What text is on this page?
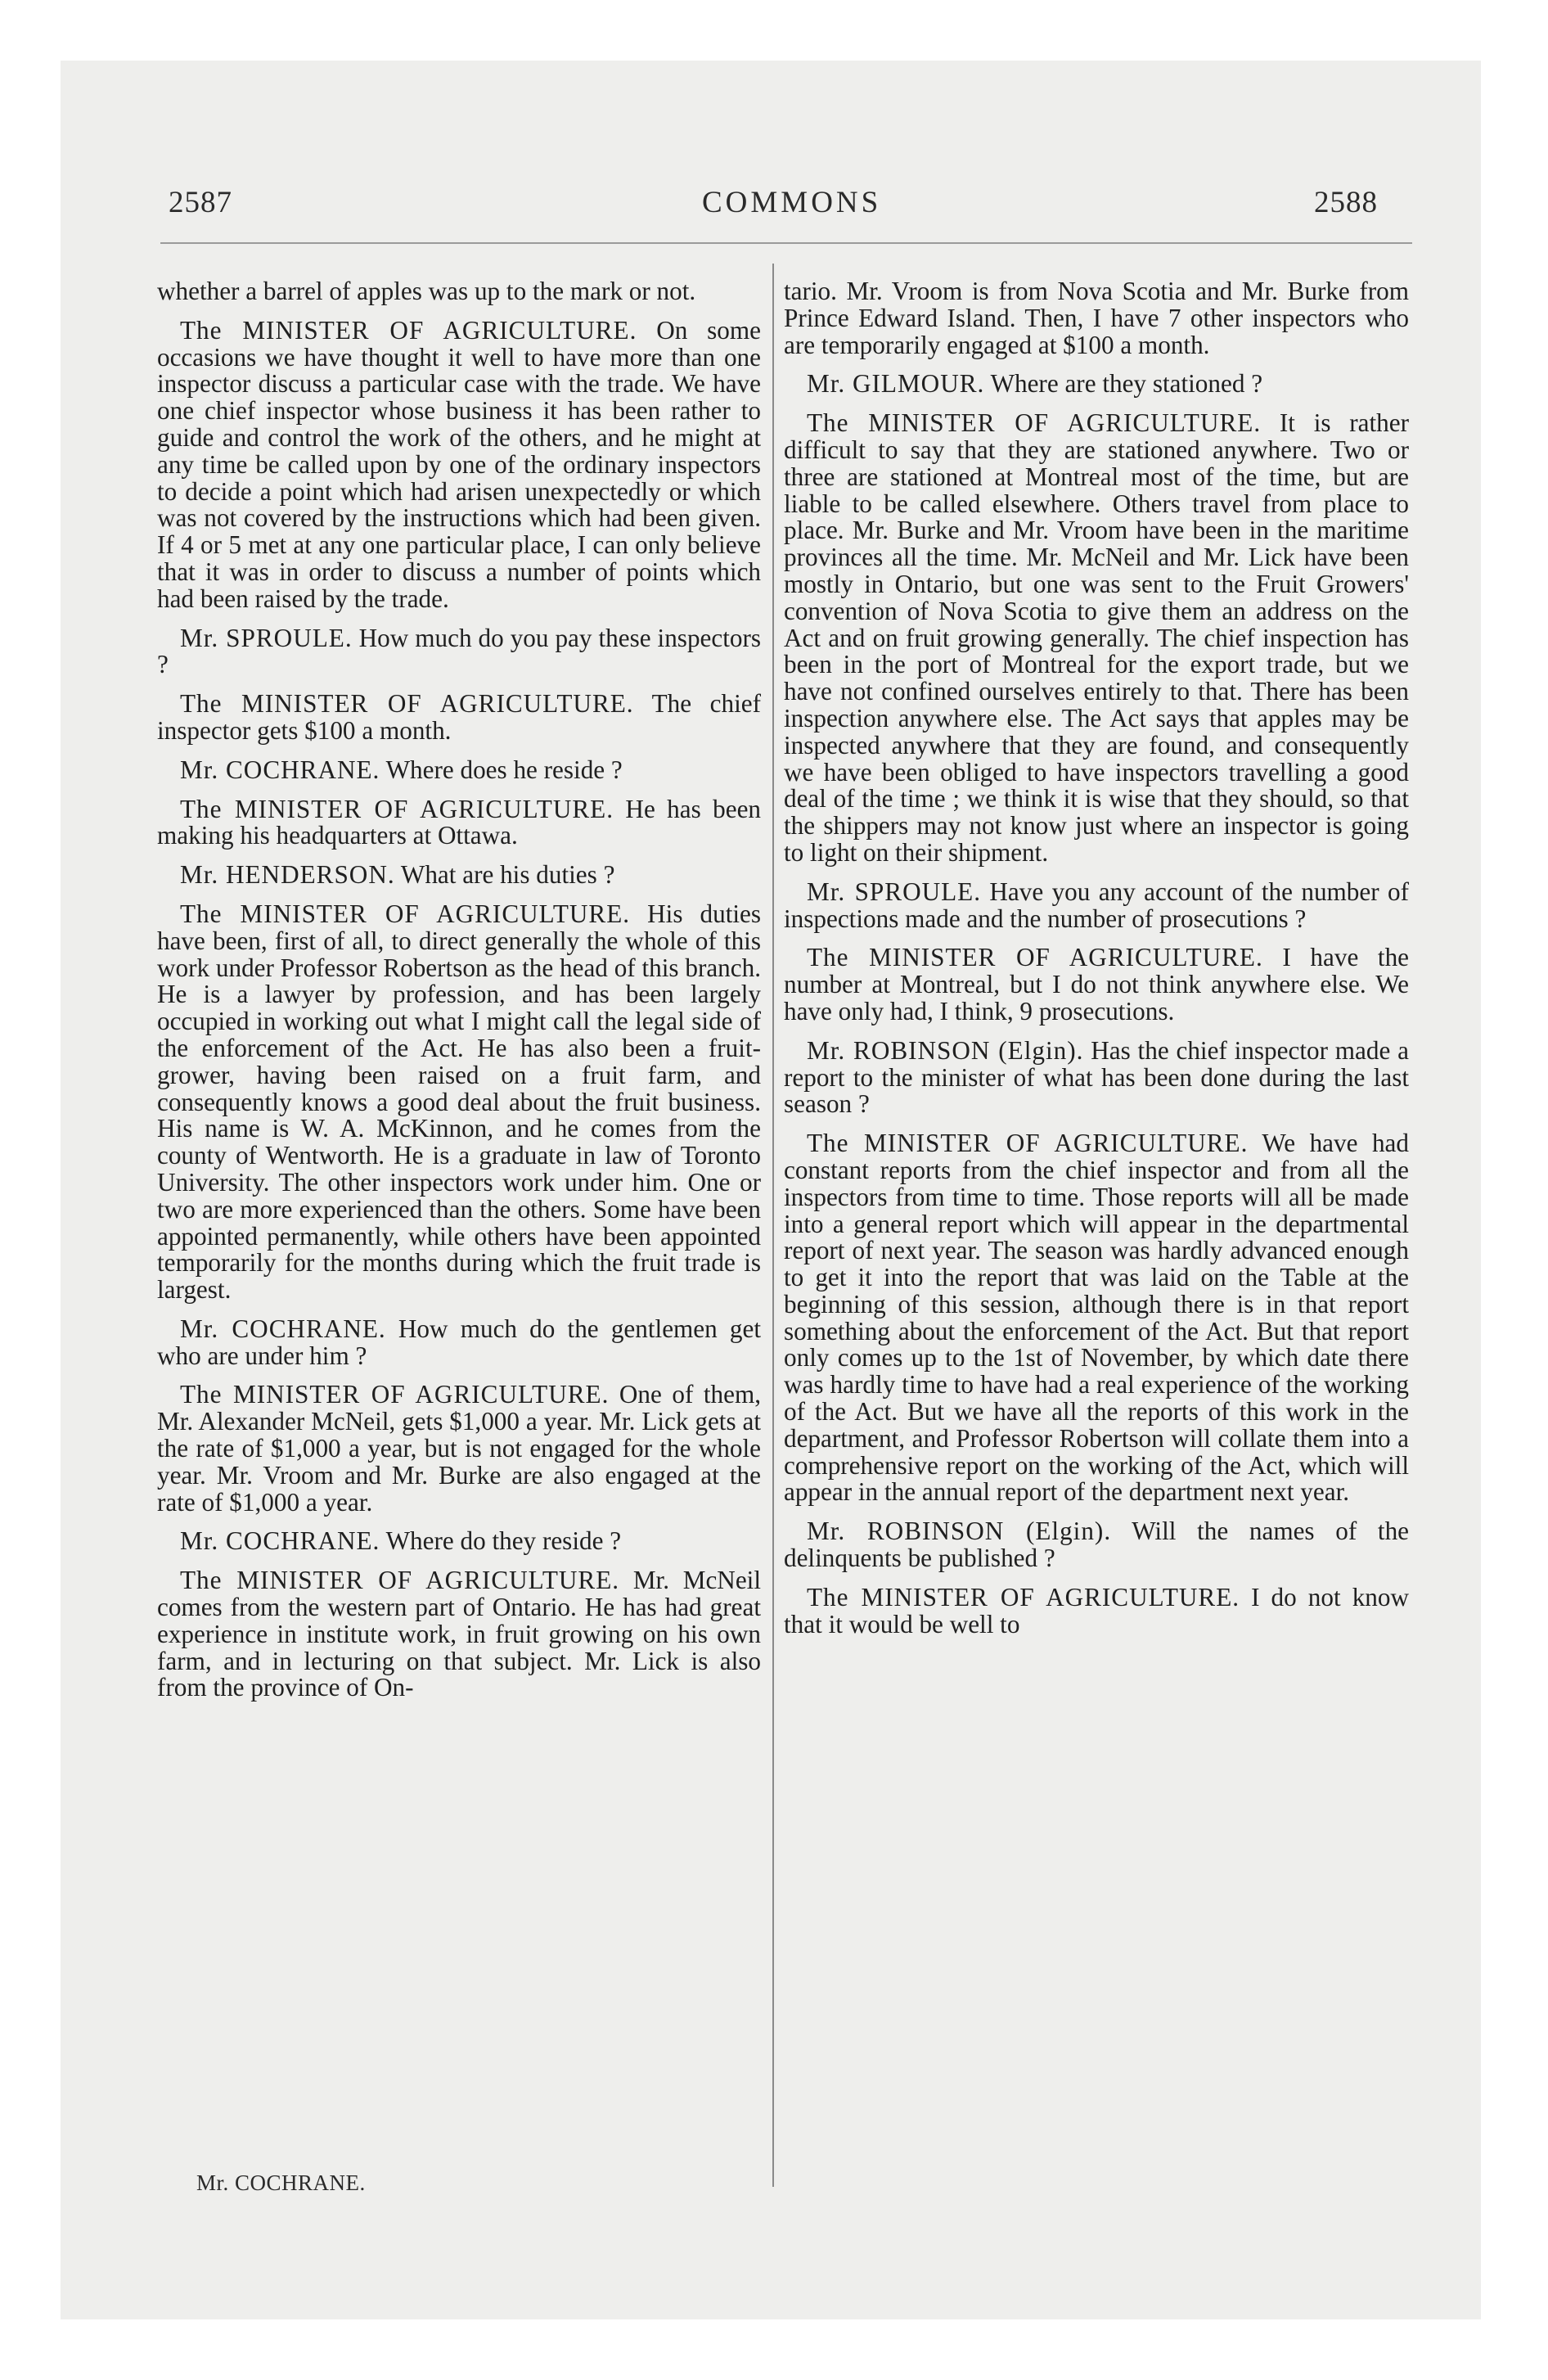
2587	COMMONS	2588

whether a barrel of apples was up to the mark or not.

The MINISTER OF AGRICULTURE. On some occasions we have thought it well to have more than one inspector discuss a particular case with the trade. We have one chief inspector whose business it has been rather to guide and control the work of the others, and he might at any time be called upon by one of the ordinary inspectors to decide a point which had arisen unexpectedly or which was not covered by the instructions which had been given. If 4 or 5 met at any one particular place, I can only believe that it was in order to discuss a number of points which had been raised by the trade.

Mr. SPROULE. How much do you pay these inspectors ?

The MINISTER OF AGRICULTURE. The chief inspector gets $100 a month.

Mr. COCHRANE. Where does he reside ?

The MINISTER OF AGRICULTURE. He has been making his headquarters at Ottawa.

Mr. HENDERSON. What are his duties ?

The MINISTER OF AGRICULTURE. His duties have been, first of all, to direct generally the whole of this work under Professor Robertson as the head of this branch. He is a lawyer by profession, and has been largely occupied in working out what I might call the legal side of the enforcement of the Act. He has also been a fruit-grower, having been raised on a fruit farm, and consequently knows a good deal about the fruit business. His name is W. A. McKinnon, and he comes from the county of Wentworth. He is a graduate in law of Toronto University. The other inspectors work under him. One or two are more experienced than the others. Some have been appointed permanently, while others have been appointed temporarily for the months during which the fruit trade is largest.

Mr. COCHRANE. How much do the gentlemen get who are under him ?

The MINISTER OF AGRICULTURE. One of them, Mr. Alexander McNeil, gets $1,000 a year. Mr. Lick gets at the rate of $1,000 a year, but is not engaged for the whole year. Mr. Vroom and Mr. Burke are also engaged at the rate of $1,000 a year.

Mr. COCHRANE. Where do they reside ?

The MINISTER OF AGRICULTURE. Mr. McNeil comes from the western part of Ontario. He has had great experience in institute work, in fruit growing on his own farm, and in lecturing on that subject. Mr. Lick is also from the province of On-

tario. Mr. Vroom is from Nova Scotia and Mr. Burke from Prince Edward Island. Then, I have 7 other inspectors who are temporarily engaged at $100 a month.

Mr. GILMOUR. Where are they stationed ?

The MINISTER OF AGRICULTURE. It is rather difficult to say that they are stationed anywhere. Two or three are stationed at Montreal most of the time, but are liable to be called elsewhere. Others travel from place to place. Mr. Burke and Mr. Vroom have been in the maritime provinces all the time. Mr. McNeil and Mr. Lick have been mostly in Ontario, but one was sent to the Fruit Growers' convention of Nova Scotia to give them an address on the Act and on fruit growing generally. The chief inspection has been in the port of Montreal for the export trade, but we have not confined ourselves entirely to that. There has been inspection anywhere else. The Act says that apples may be inspected anywhere that they are found, and consequently we have been obliged to have inspectors travelling a good deal of the time ; we think it is wise that they should, so that the shippers may not know just where an inspector is going to light on their shipment.

Mr. SPROULE. Have you any account of the number of inspections made and the number of prosecutions ?

The MINISTER OF AGRICULTURE. I have the number at Montreal, but I do not think anywhere else. We have only had, I think, 9 prosecutions.

Mr. ROBINSON (Elgin). Has the chief inspector made a report to the minister of what has been done during the last season ?

The MINISTER OF AGRICULTURE. We have had constant reports from the chief inspector and from all the inspectors from time to time. Those reports will all be made into a general report which will appear in the departmental report of next year. The season was hardly advanced enough to get it into the report that was laid on the Table at the beginning of this session, although there is in that report something about the enforcement of the Act. But that report only comes up to the 1st of November, by which date there was hardly time to have had a real experience of the working of the Act. But we have all the reports of this work in the department, and Professor Robertson will collate them into a comprehensive report on the working of the Act, which will appear in the annual report of the department next year.

Mr. ROBINSON (Elgin). Will the names of the delinquents be published ?

The MINISTER OF AGRICULTURE. I do not know that it would be well to

Mr. COCHRANE.
